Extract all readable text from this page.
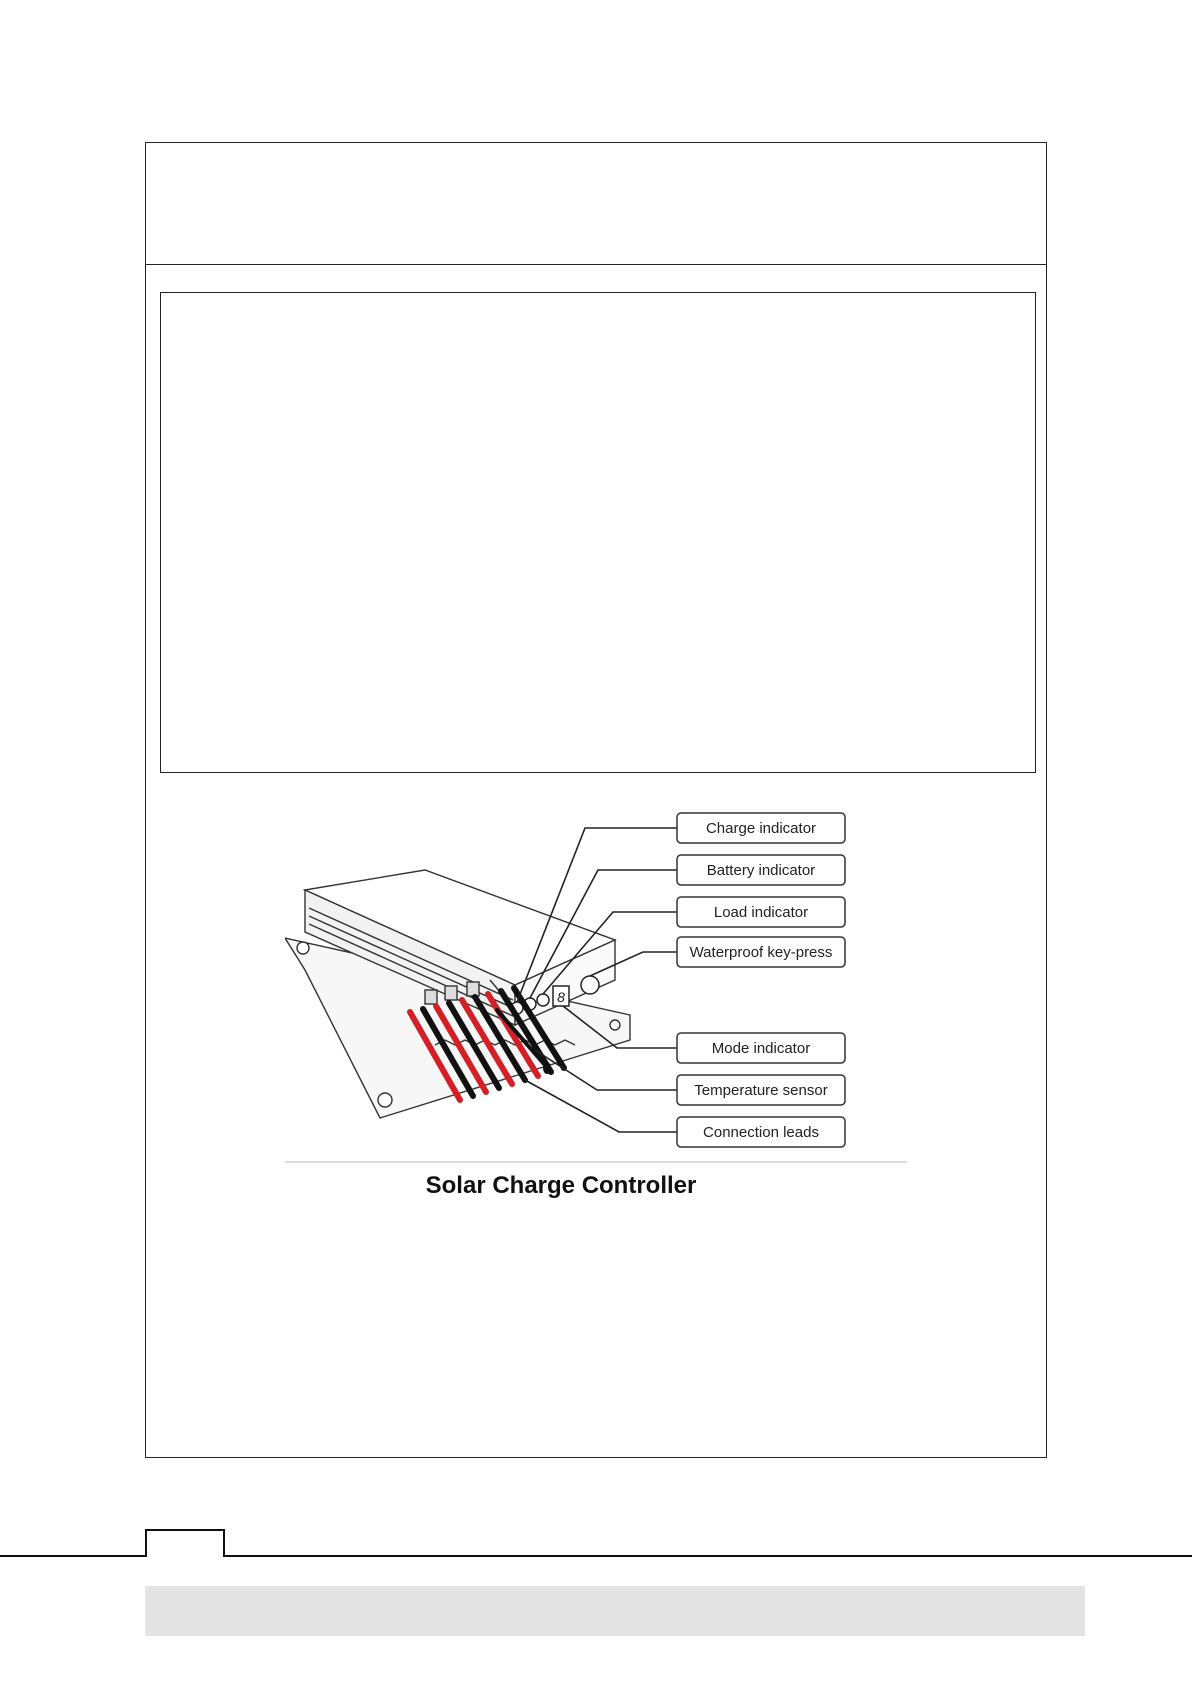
8
Charge indicator
Battery indicator
Load indicator
Waterproof key-press
Mode indicator
Temperature sensor
Connection leads
Solar Charge Controller
